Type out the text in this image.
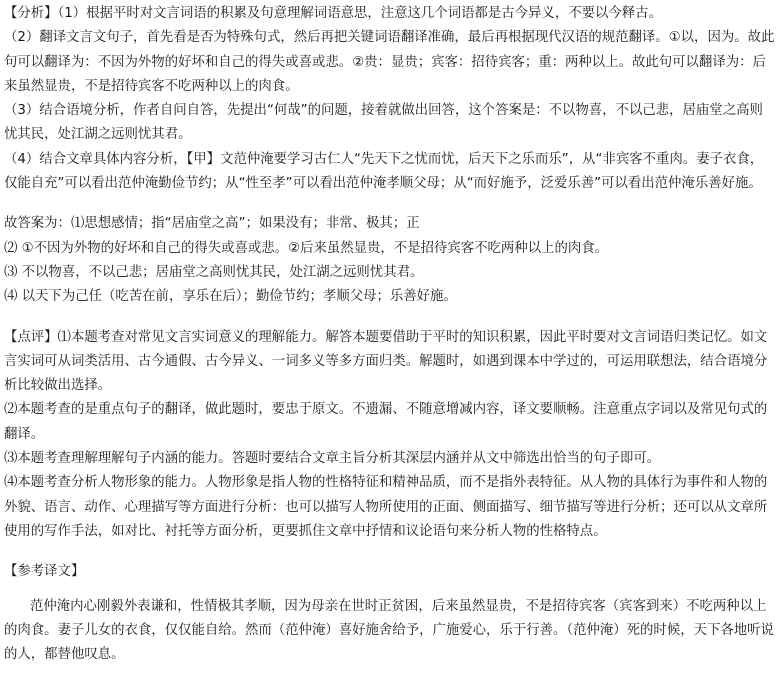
【分析】（1）根据平时对文言词语的积累及句意理解词语意思，注意这几个词语都是古今异义，不要以今释古。

（2）翻译文言文句子，首先看是否为特殊句式，然后再把关键词语翻译准确，最后再根据现代汉语的规范翻译。①以，因为。故此句可以翻译为：不因为外物的好坏和自己的得失或喜或悲。②贵：显贵；宾客：招待宾客；重：两种以上。故此句可以翻译为：后来虽然显贵，不是招待宾客不吃两种以上的肉食。

（3）结合语境分析，作者自问自答，先提出“何哉”的问题，接着就做出回答，这个答案是：不以物喜，不以己悲，居庙堂之高则忧其民，处江湖之远则忧其君。

（4）结合文章具体内容分析，【甲】文范仲淹要学习古仁人“先天下之忧而忧，后天下之乐而乐”，从“非宾客不重肉。妻子衣食，仅能自充”可以看出范仲淹勤俭节约；从“性至孝”可以看出范仲淹孝顺父母；从“而好施予，泛爱乐善”可以看出范仲淹乐善好施。

故答案为：⑴思想感情；指“居庙堂之高”；如果没有；非常、极其；正

⑵ ①不因为外物的好坏和自己的得失或喜或悲。②后来虽然显贵，不是招待宾客不吃两种以上的肉食。

⑶ 不以物喜，不以己悲；居庙堂之高则忧其民，处江湖之远则忧其君。

⑷ 以天下为己任（吃苦在前，享乐在后）；勤俭节约；孝顺父母；乐善好施。

【点评】⑴本题考查对常见文言实词意义的理解能力。解答本题要借助于平时的知识积累，因此平时要对文言词语归类记忆。如文言实词可从词类活用、古今通假、古今异义、一词多义等多方面归类。解题时，如遇到课本中学过的，可运用联想法，结合语境分析比较做出选择。

⑵本题考查的是重点句子的翻译，做此题时，要忠于原文。不遗漏、不随意增减内容，译文要顺畅。注意重点字词以及常见句式的翻译。

⑶本题考查理解理解句子内涵的能力。答题时要结合文章主旨分析其深层内涵并从文中筛选出恰当的句子即可。

⑷本题考查分析人物形象的能力。人物形象是指人物的性格特征和精神品质，而不是指外表特征。从人物的具体行为事件和人物的外貌、语言、动作、心理描写等方面进行分析：也可以描写人物所使用的正面、侧面描写、细节描写等进行分析；还可以从文章所使用的写作手法，如对比、衬托等方面分析，更要抓住文章中抒情和议论语句来分析人物的性格特点。

【参考译文】

范仲淹内心刚毅外表谦和，性情极其孝顺，因为母亲在世时正贫困，后来虽然显贵，不是招待宾客（宾客到来）不吃两种以上的肉食。妻子儿女的衣食，仅仅能自给。然而（范仲淹）喜好施舍给予，广施爱心，乐于行善。（范仲淹）死的时候，天下各地听说的人，都替他叹息。
